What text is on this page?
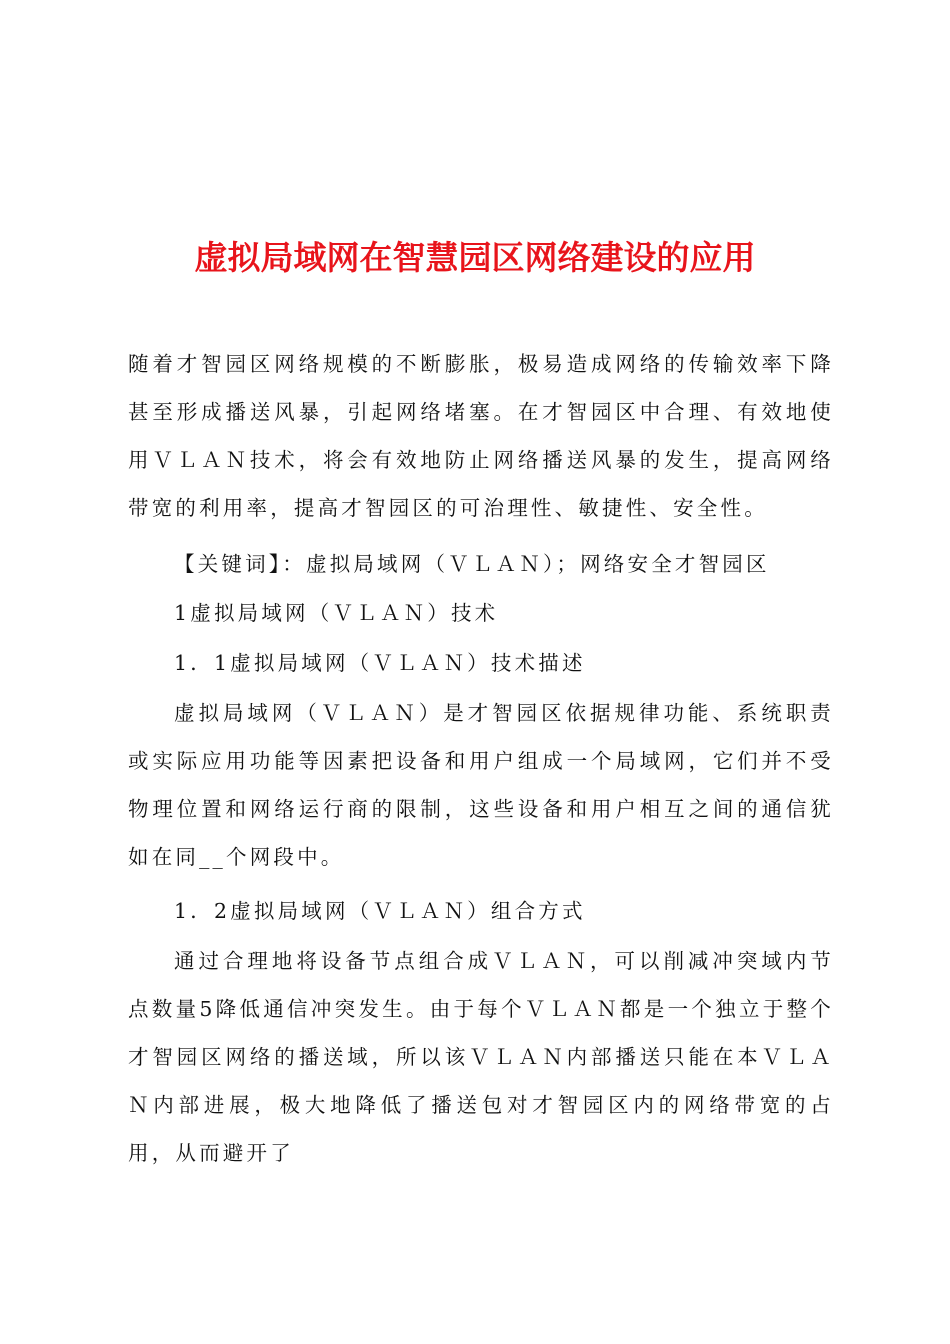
虚拟局域网在智慧园区网络建设的应用

随着才智园区网络规模的不断膨胀，极易造成网络的传输效率下降甚至形成播送风暴，引起网络堵塞。在才智园区中合理、有效地使用ＶＬＡＮ技术，将会有效地防止网络播送风暴的发生，提高网络带宽的利用率，提高才智园区的可治理性、敏捷性、安全性。

【关键词】：虚拟局域网（ＶＬＡＮ）；网络安全才智园区

1虚拟局域网（ＶＬＡＮ）技术

1．1虚拟局域网（ＶＬＡＮ）技术描述

虚拟局域网（ＶＬＡＮ）是才智园区依据规律功能、系统职责或实际应用功能等因素把设备和用户组成一个局域网，它们并不受物理位置和网络运行商的限制，这些设备和用户相互之间的通信犹如在同__个网段中。

1．2虚拟局域网（ＶＬＡＮ）组合方式

通过合理地将设备节点组合成ＶＬＡＮ，可以削减冲突域内节点数量5降低通信冲突发生。由于每个ＶＬＡＮ都是一个独立于整个才智园区网络的播送域，所以该ＶＬＡＮ内部播送只能在本ＶＬＡＮ内部进展，极大地降低了播送包对才智园区内的网络带宽的占用，从而避开了
